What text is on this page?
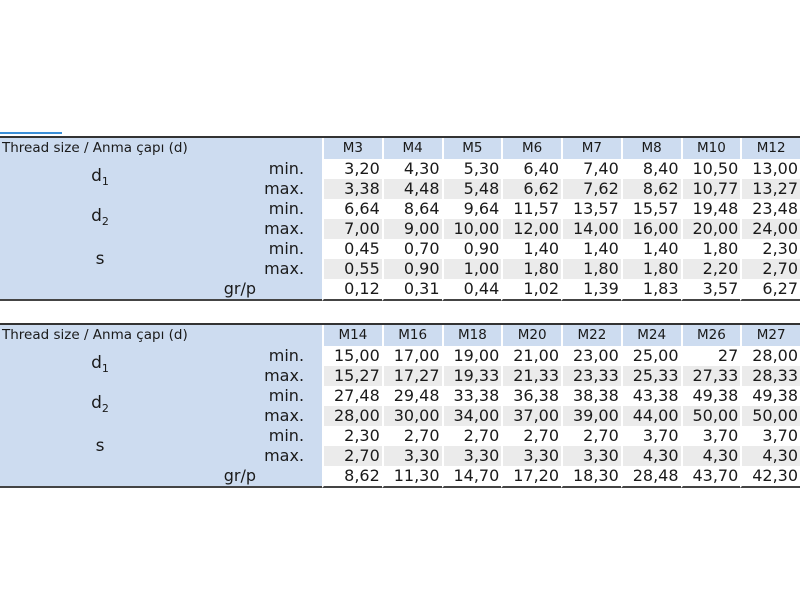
Thread size / Anma çapı (d)		M3	M4	M5	M6	M7	M8	M10	M12
$d_1$	min.	3,20	4,30	5,30	6,40	7,40	8,40	10,50	13,00
	max.	3,38	4,48	5,48	6,62	7,62	8,62	10,77	13,27
$d_2$	min.	6,64	8,64	9,64	11,57	13,57	15,57	19,48	23,48
	max.	7,00	9,00	10,00	12,00	14,00	16,00	20,00	24,00
s	min.	0,45	0,70	0,90	1,40	1,40	1,40	1,80	2,30
	max.	0,55	0,90	1,00	1,80	1,80	1,80	2,20	2,70
gr/p		0,12	0,31	0,44	1,02	1,39	1,83	3,57	6,27
Thread size / Anma çapı (d)		M14	M16	M18	M20	M22	M24	M26	M27
$d_1$	min.	15,00	17,00	19,00	21,00	23,00	25,00	27	28,00
	max.	15,27	17,27	19,33	21,33	23,33	25,33	27,33	28,33
$d_2$	min.	27,48	29,48	33,38	36,38	38,38	43,38	49,38	49,38
	max.	28,00	30,00	34,00	37,00	39,00	44,00	50,00	50,00
s	min.	2,30	2,70	2,70	2,70	2,70	3,70	3,70	3,70
	max.	2,70	3,30	3,30	3,30	3,30	4,30	4,30	4,30
gr/p		8,62	11,30	14,70	17,20	18,30	28,48	43,70	42,30
